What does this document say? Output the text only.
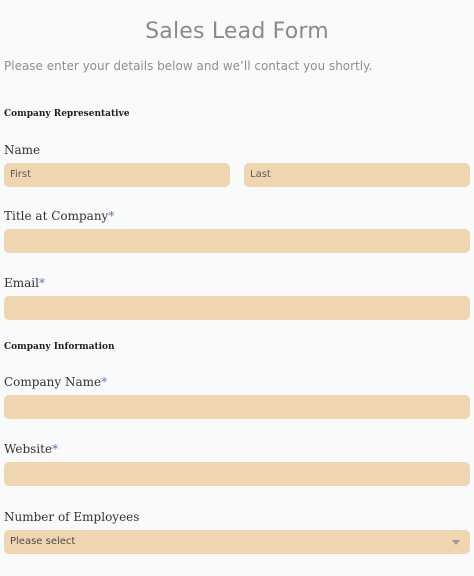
Sales Lead Form
Please enter your details below and we’ll contact you shortly.
Company Representative
Name
First
Last
Title at Company*
Email*
Company Information
Company Name*
Website*
Number of Employees
Please select
